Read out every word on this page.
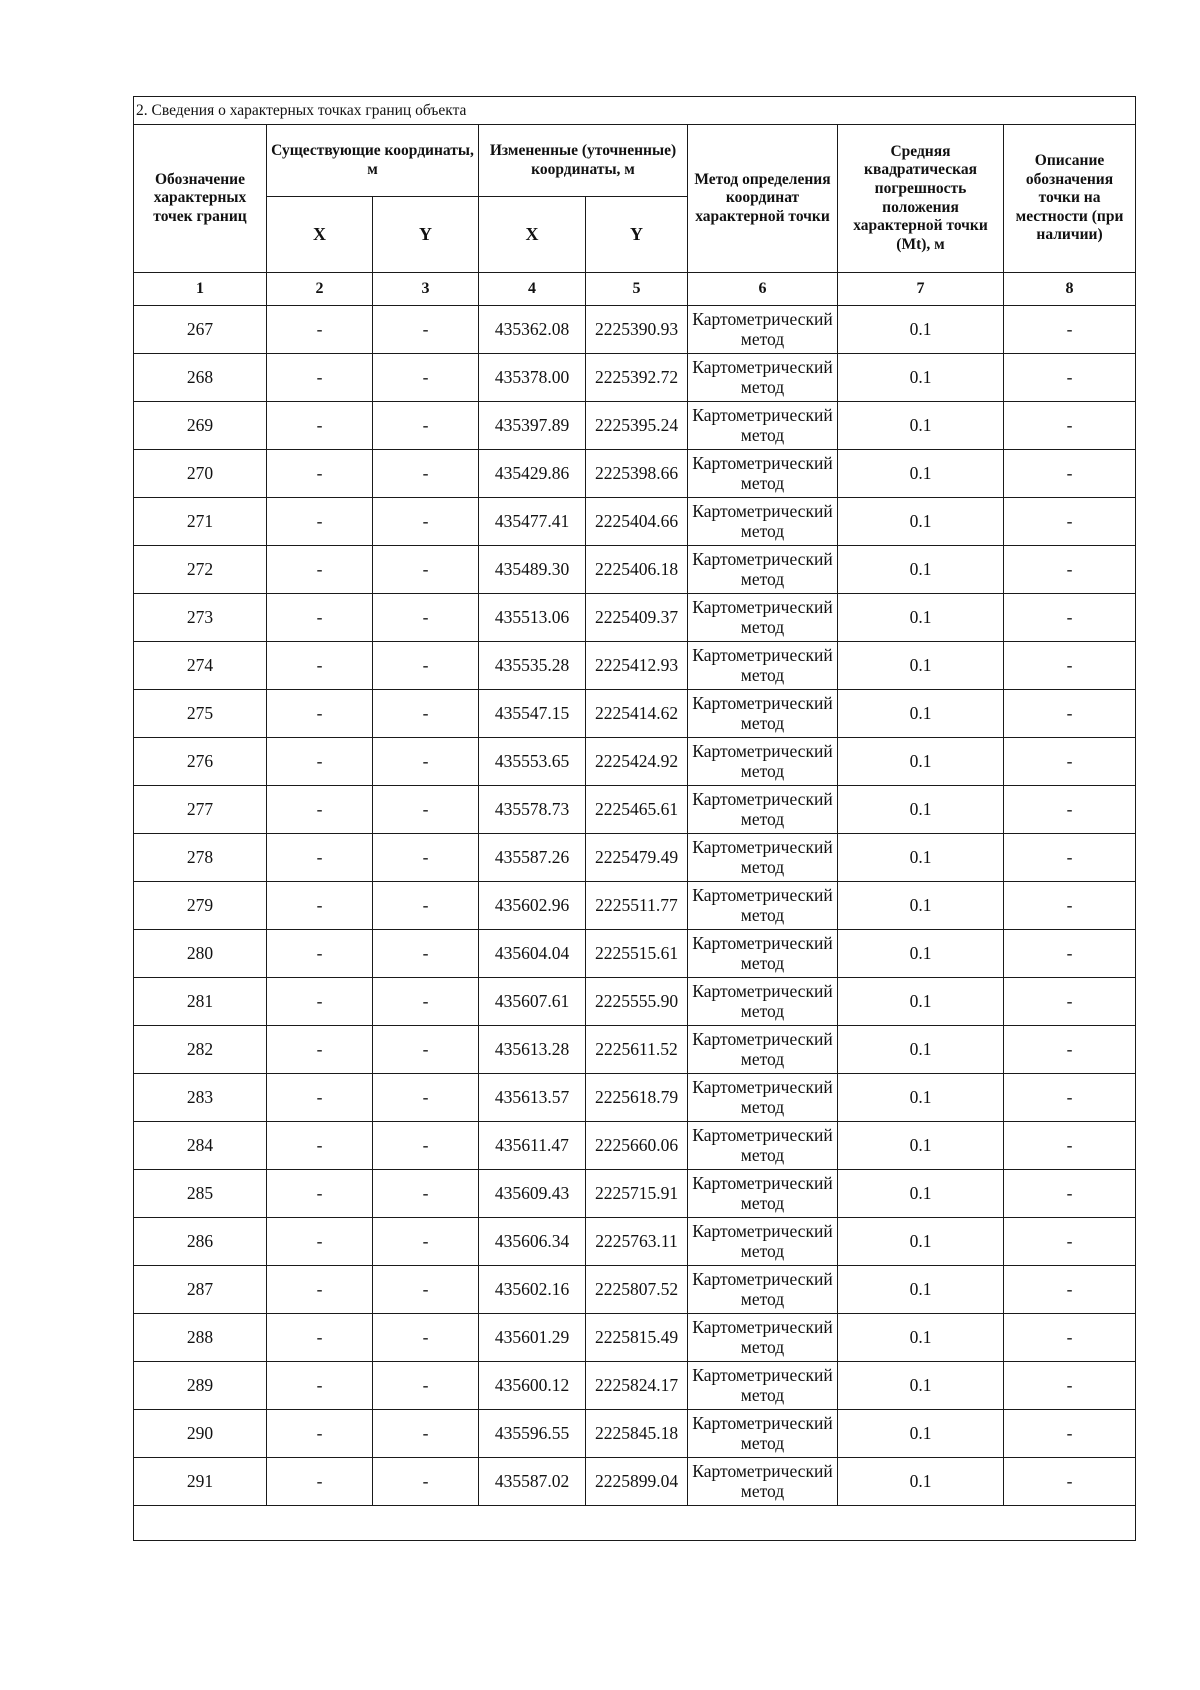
2. Сведения о характерных точках границ объекта							
Обозначение характерных точек границ	Существующие координаты, м		Измененные (уточненные) координаты, м		Метод определения координат характерной точки	Средняя квадратическая погрешность положения характерной точки (Mt), м	Описание обозначения точки на местности (при наличии)
	X	Y	X	Y			
1	2	3	4	5	6	7	8
267	-	-	435362.08	2225390.93	Картометрический метод	0.1	-
268	-	-	435378.00	2225392.72	Картометрический метод	0.1	-
269	-	-	435397.89	2225395.24	Картометрический метод	0.1	-
270	-	-	435429.86	2225398.66	Картометрический метод	0.1	-
271	-	-	435477.41	2225404.66	Картометрический метод	0.1	-
272	-	-	435489.30	2225406.18	Картометрический метод	0.1	-
273	-	-	435513.06	2225409.37	Картометрический метод	0.1	-
274	-	-	435535.28	2225412.93	Картометрический метод	0.1	-
275	-	-	435547.15	2225414.62	Картометрический метод	0.1	-
276	-	-	435553.65	2225424.92	Картометрический метод	0.1	-
277	-	-	435578.73	2225465.61	Картометрический метод	0.1	-
278	-	-	435587.26	2225479.49	Картометрический метод	0.1	-
279	-	-	435602.96	2225511.77	Картометрический метод	0.1	-
280	-	-	435604.04	2225515.61	Картометрический метод	0.1	-
281	-	-	435607.61	2225555.90	Картометрический метод	0.1	-
282	-	-	435613.28	2225611.52	Картометрический метод	0.1	-
283	-	-	435613.57	2225618.79	Картометрический метод	0.1	-
284	-	-	435611.47	2225660.06	Картометрический метод	0.1	-
285	-	-	435609.43	2225715.91	Картометрический метод	0.1	-
286	-	-	435606.34	2225763.11	Картометрический метод	0.1	-
287	-	-	435602.16	2225807.52	Картометрический метод	0.1	-
288	-	-	435601.29	2225815.49	Картометрический метод	0.1	-
289	-	-	435600.12	2225824.17	Картометрический метод	0.1	-
290	-	-	435596.55	2225845.18	Картометрический метод	0.1	-
291	-	-	435587.02	2225899.04	Картометрический метод	0.1	-
